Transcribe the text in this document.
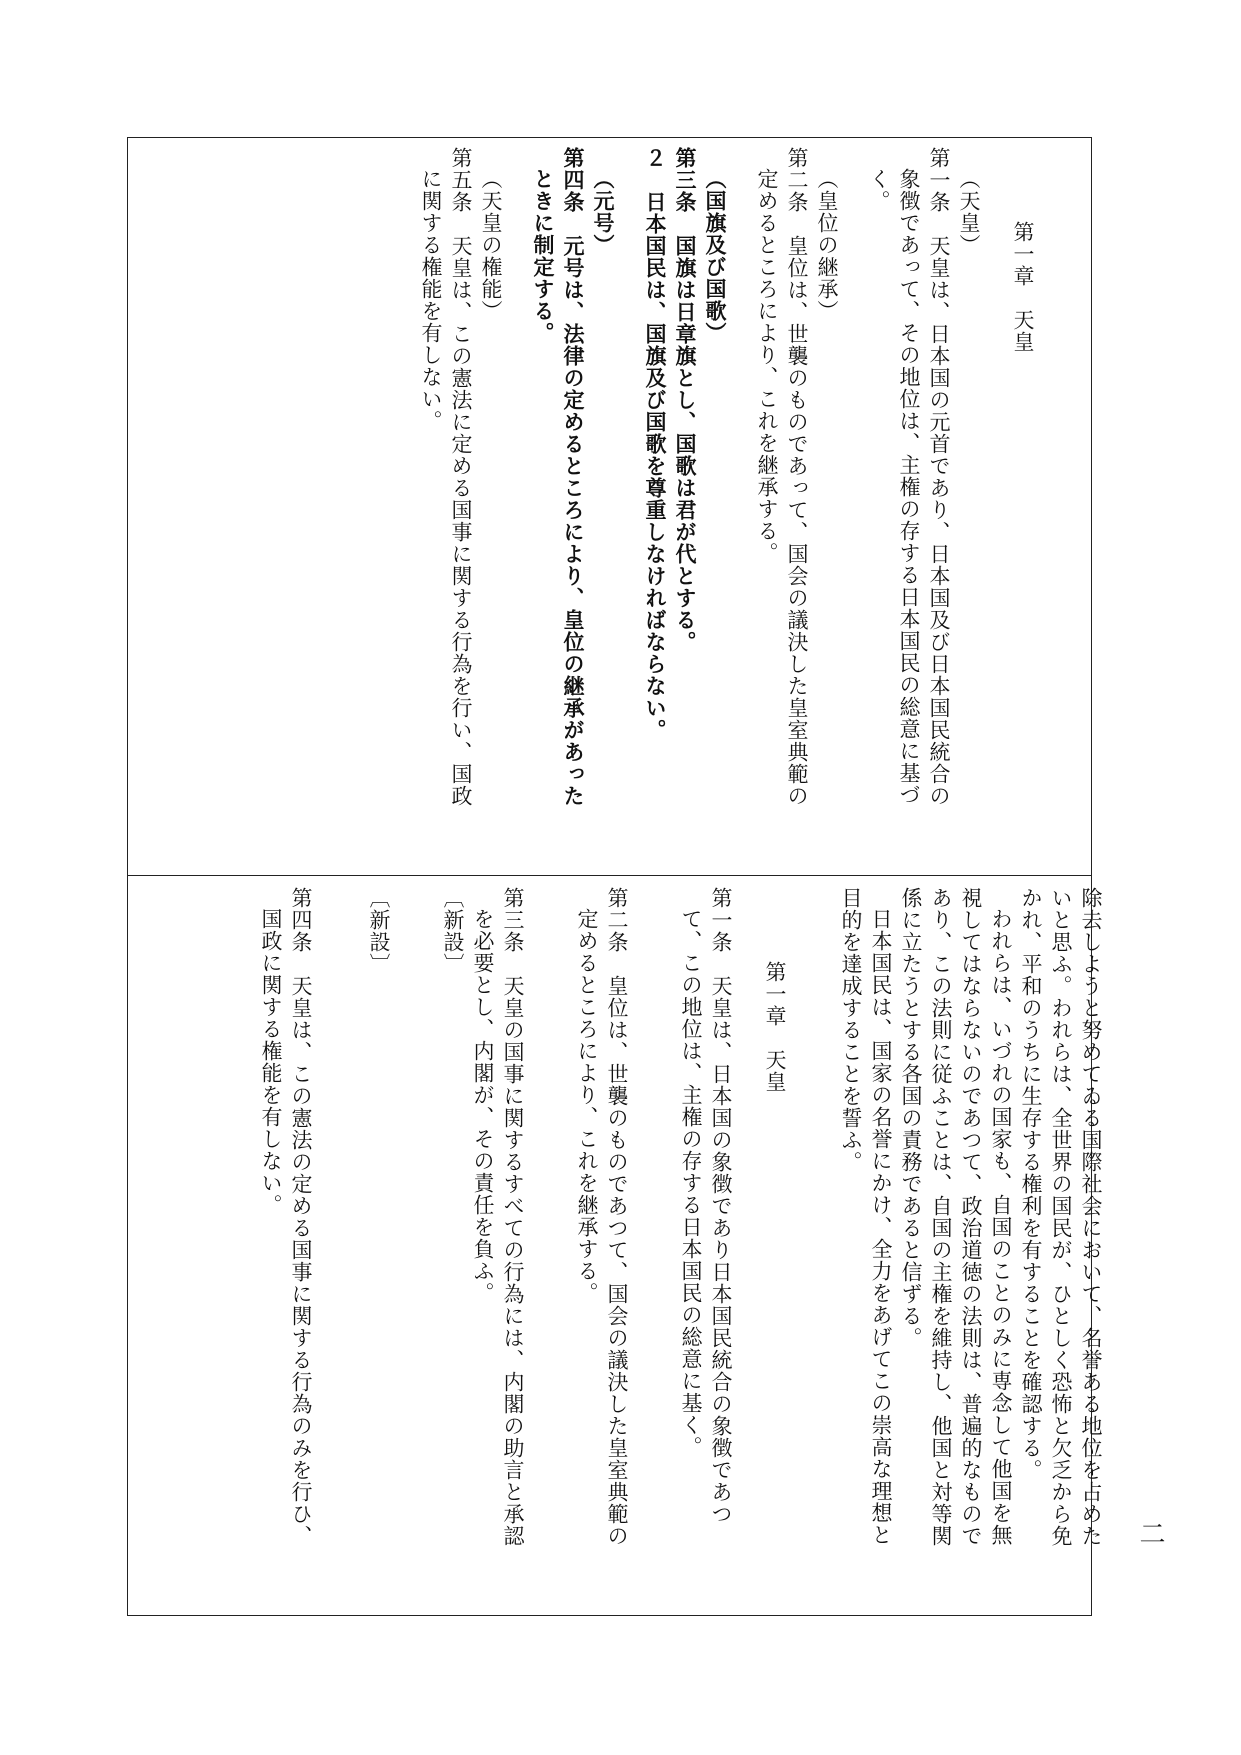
第一章　天皇
（天皇）
第一条　天皇は、日本国の元首であり、日本国及び日本国民統合の
象徴であって、その地位は、主権の存する日本国民の総意に基づ
く。
（皇位の継承）
第二条　皇位は、世襲のものであって、国会の議決した皇室典範の
定めるところにより、これを継承する。
（国旗及び国歌）
第三条　国旗は日章旗とし、国歌は君が代とする。
２　日本国民は、国旗及び国歌を尊重しなければならない。
（元号）
第四条　元号は、法律の定めるところにより、皇位の継承があった
ときに制定する。
（天皇の権能）
第五条　天皇は、この憲法に定める国事に関する行為を行い、国政
に関する権能を有しない。
除去しようと努めてゐる国際社会において、名誉ある地位を占めた
いと思ふ。われらは、全世界の国民が、ひとしく恐怖と欠乏から免
かれ、平和のうちに生存する権利を有することを確認する。
われらは、いづれの国家も、自国のことのみに専念して他国を無
視してはならないのであつて、政治道徳の法則は、普遍的なもので
あり、この法則に従ふことは、自国の主権を維持し、他国と対等関
係に立たうとする各国の責務であると信ずる。
日本国民は、国家の名誉にかけ、全力をあげてこの崇高な理想と
目的を達成することを誓ふ。
第一章　天皇
第一条　天皇は、日本国の象徴であり日本国民統合の象徴であつ
て、この地位は、主権の存する日本国民の総意に基く。
第二条　皇位は、世襲のものであつて、国会の議決した皇室典範の
定めるところにより、これを継承する。
第三条　天皇の国事に関するすべての行為には、内閣の助言と承認
を必要とし、内閣が、その責任を負ふ。
〔新設〕
〔新設〕
第四条　天皇は、この憲法の定める国事に関する行為のみを行ひ、
国政に関する権能を有しない。
二
